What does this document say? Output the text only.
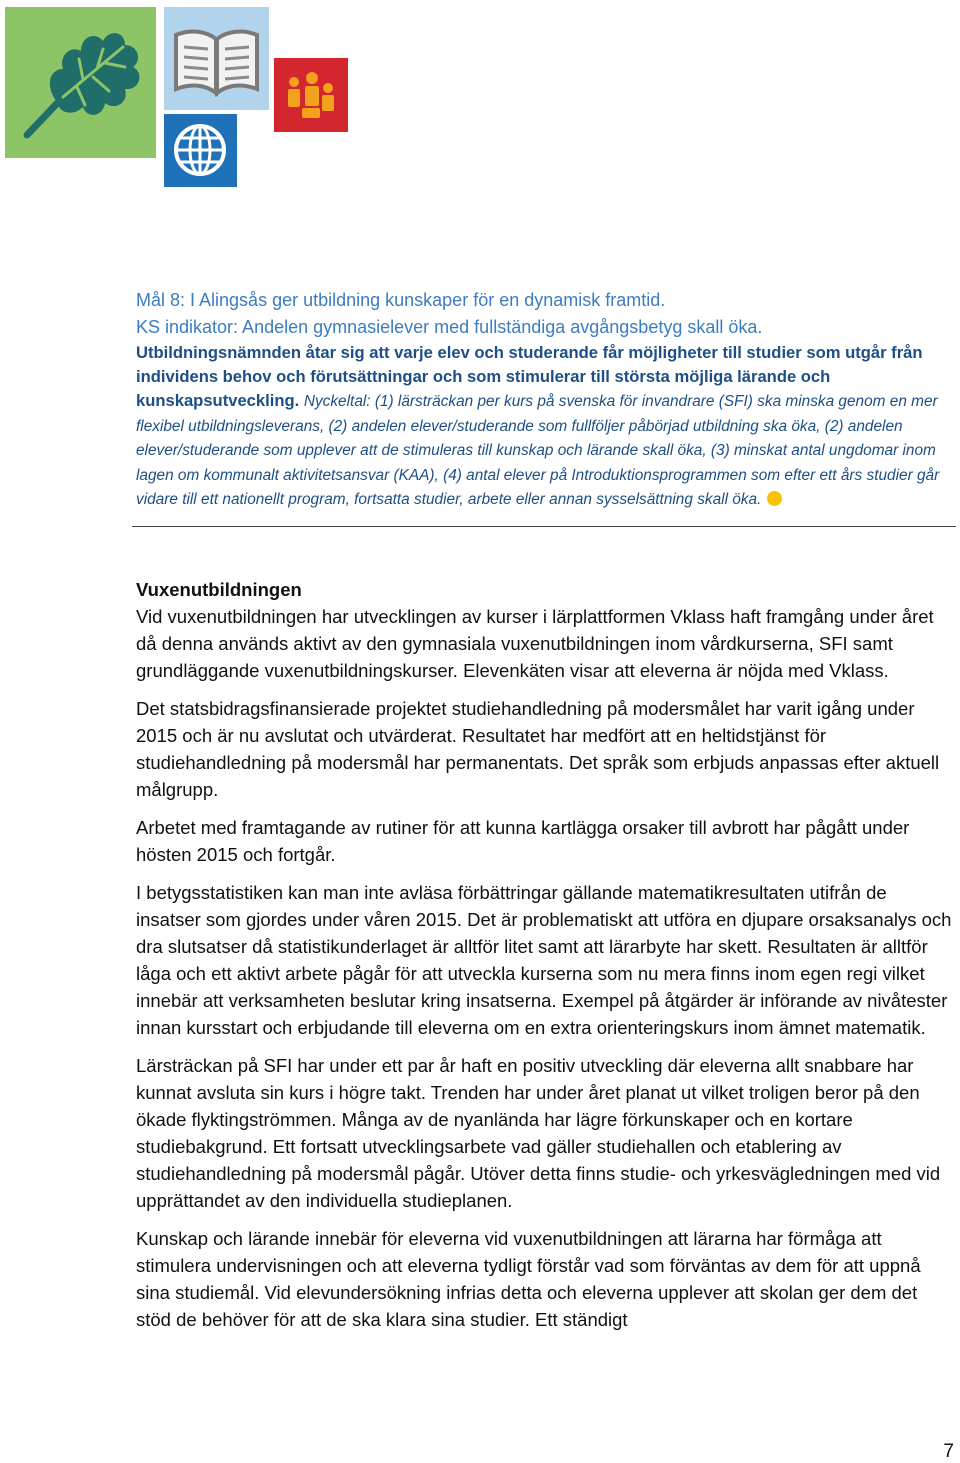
Mål 8: I Alingsås ger utbildning kunskaper för en dynamisk framtid.

KS indikator: Andelen gymnasielever med fullständiga avgångsbetyg skall öka.

Utbildningsnämnden åtar sig att varje elev och studerande får möjligheter till studier som utgår från individens behov och förutsättningar och som stimulerar till största möjliga lärande och kunskapsutveckling. Nyckeltal: (1) lärsträckan per kurs på svenska för invandrare (SFI) ska minska genom en mer flexibel utbildningsleverans, (2) andelen elever/studerande som fullföljer påbörjad utbildning ska öka, (2) andelen elever/studerande som upplever att de stimuleras till kunskap och lärande skall öka, (3) minskat antal ungdomar inom lagen om kommunalt aktivitetsansvar (KAA), (4) antal elever på Introduktionsprogrammen som efter ett års studier går vidare till ett nationellt program, fortsatta studier, arbete eller annan sysselsättning skall öka.

Vuxenutbildningen

Vid vuxenutbildningen har utvecklingen av kurser i lärplattformen Vklass haft framgång under året då denna används aktivt av den gymnasiala vuxenutbildningen inom vårdkurserna, SFI samt grundläggande vuxenutbildningskurser. Elevenkäten visar att eleverna är nöjda med Vklass.

Det statsbidragsfinansierade projektet studiehandledning på modersmålet har varit igång under 2015 och är nu avslutat och utvärderat. Resultatet har medfört att en heltidstjänst för studiehandledning på modersmål har permanentats. Det språk som erbjuds anpassas efter aktuell målgrupp.

Arbetet med framtagande av rutiner för att kunna kartlägga orsaker till avbrott har pågått under hösten 2015 och fortgår.

I betygsstatistiken kan man inte avläsa förbättringar gällande matematikresultaten utifrån de insatser som gjordes under våren 2015. Det är problematiskt att utföra en djupare orsaksanalys och dra slutsatser då statistikunderlaget är alltför litet samt att lärarbyte har skett. Resultaten är alltför låga och ett aktivt arbete pågår för att utveckla kurserna som nu mera finns inom egen regi vilket innebär att verksamheten beslutar kring insatserna. Exempel på åtgärder är införande av nivåtester innan kursstart och erbjudande till eleverna om en extra orienteringskurs inom ämnet matematik.

Lärsträckan på SFI har under ett par år haft en positiv utveckling där eleverna allt snabbare har kunnat avsluta sin kurs i högre takt. Trenden har under året planat ut vilket troligen beror på den ökade flyktingströmmen. Många av de nyanlända har lägre förkunskaper och en kortare studiebakgrund. Ett fortsatt utvecklingsarbete vad gäller studiehallen och etablering av studiehandledning på modersmål pågår. Utöver detta finns studie- och yrkesvägledningen med vid upprättandet av den individuella studieplanen.

Kunskap och lärande innebär för eleverna vid vuxenutbildningen att lärarna har förmåga att stimulera undervisningen och att eleverna tydligt förstår vad som förväntas av dem för att uppnå sina studiemål. Vid elevundersökning infrias detta och eleverna upplever att skolan ger dem det stöd de behöver för att de ska klara sina studier. Ett ständigt

7
